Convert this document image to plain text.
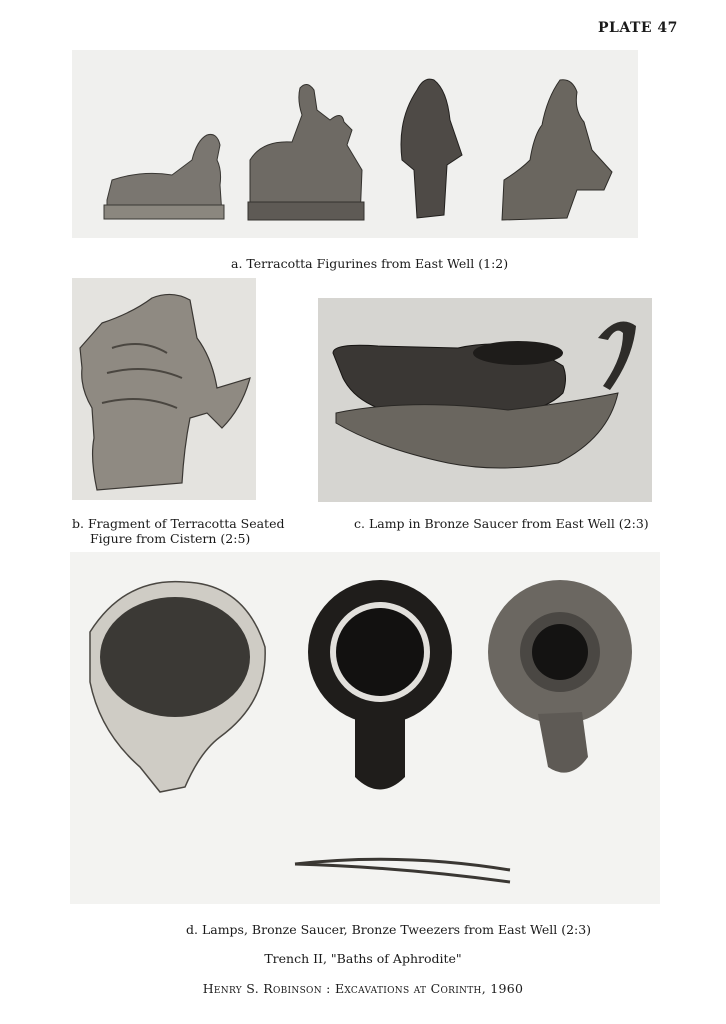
PLATE 47
a. Terracotta Figurines from East Well (1:2)
b. Fragment of Terracotta Seated
Figure from Cistern (2:5)
c. Lamp in Bronze Saucer from East Well (2:3)
d. Lamps, Bronze Saucer, Bronze Tweezers from East Well (2:3)
Trench II, "Baths of Aphrodite"
Henry S. Robinson : Excavations at Corinth, 1960
